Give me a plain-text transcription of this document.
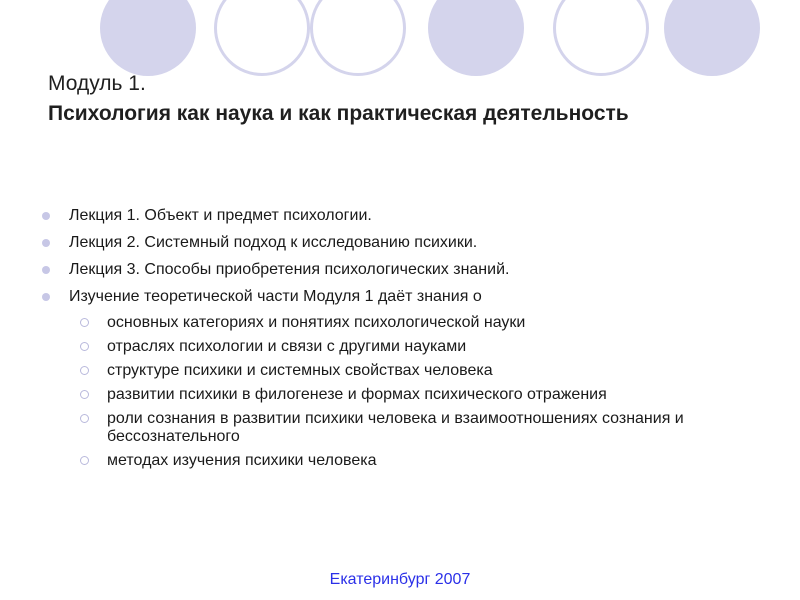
Модуль 1.

Психология как наука и как практическая деятельность

Лекция 1. Объект и предмет психологии.
Лекция 2. Системный подход к исследованию психики.
Лекция 3. Способы приобретения психологических знаний.
Изучение теоретической части Модуля 1 даёт знания о
основных категориях и понятиях психологической науки
отраслях психологии и связи с другими науками
структуре психики и системных свойствах человека
развитии психики в филогенезе и формах психического отражения
роли сознания в развитии психики человека и взаимоотношениях сознания и бессознательного
методах изучения психики человека
Екатеринбург 2007
